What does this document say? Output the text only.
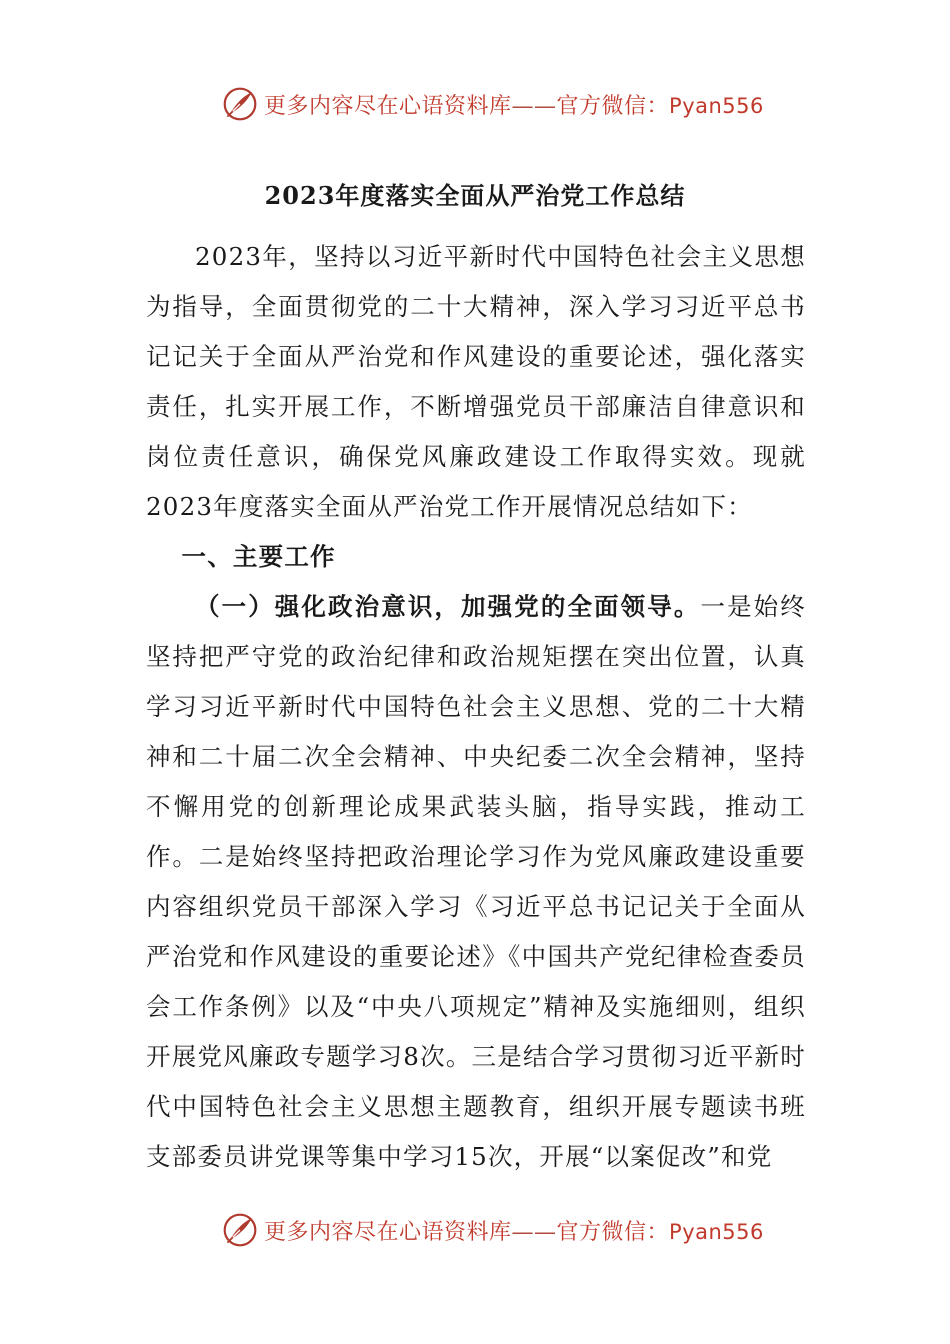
更多内容尽在心语资料库——官方微信：Pyan556
2023年度落实全面从严治党工作总结

2023年，坚持以习近平新时代中国特色社会主义思想为指导，全面贯彻党的二十大精神，深入学习习近平总书记记关于全面从严治党和作风建设的重要论述，强化落实责任，扎实开展工作，不断增强党员干部廉洁自律意识和岗位责任意识，确保党风廉政建设工作取得实效。现就2023年度落实全面从严治党工作开展情况总结如下：

一、主要工作

（一）强化政治意识，加强党的全面领导。一是始终坚持把严守党的政治纪律和政治规矩摆在突出位置，认真学习习近平新时代中国特色社会主义思想、党的二十大精神和二十届二次全会精神、中央纪委二次全会精神，坚持不懈用党的创新理论成果武装头脑，指导实践，推动工作。二是始终坚持把政治理论学习作为党风廉政建设重要内容组织党员干部深入学习《习近平总书记记关于全面从严治党和作风建设的重要论述》《中国共产党纪律检查委员会工作条例》以及“中央八项规定”精神及实施细则，组织开展党风廉政专题学习8次。三是结合学习贯彻习近平新时代中国特色社会主义思想主题教育，组织开展专题读书班支部委员讲党课等集中学习15次，开展“以案促改”和党

更多内容尽在心语资料库——官方微信：Pyan556
